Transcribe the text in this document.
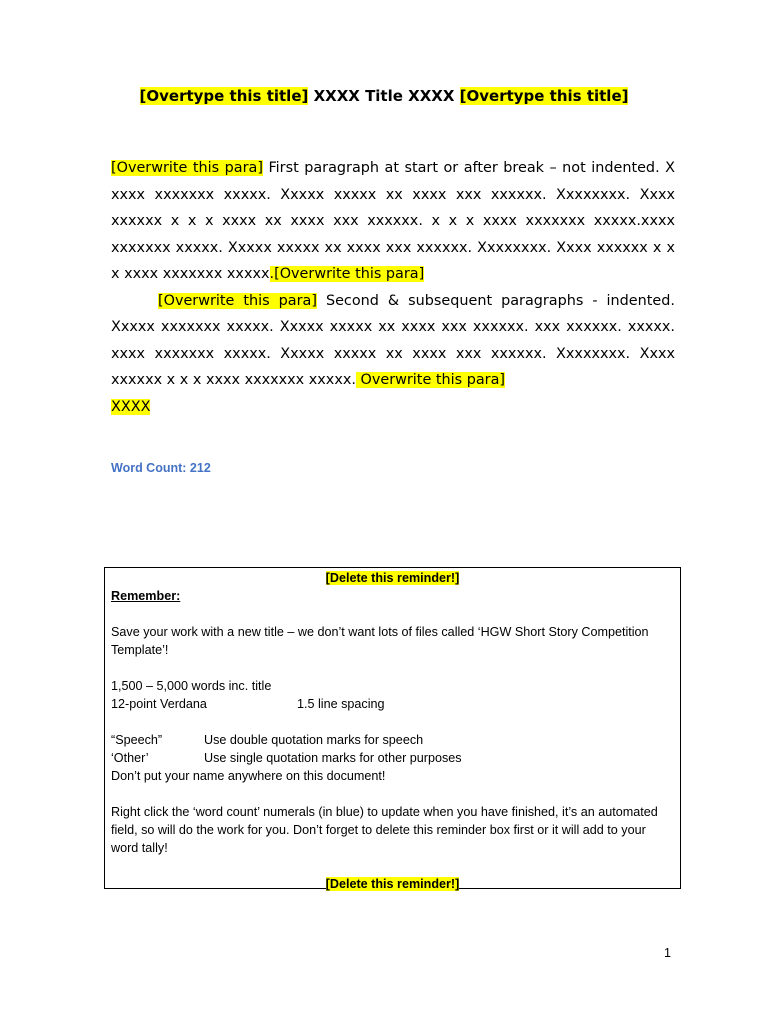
[Overtype this title] XXXX Title XXXX [Overtype this title]

[Overwrite this para] First paragraph at start or after break – not indented. X xxxx xxxxxxx xxxxx. Xxxxx xxxxx xx xxxx xxx xxxxxx. Xxxxxxxx. Xxxx xxxxxx x x x xxxx xx xxxx xxx xxxxxx. x x x xxxx xxxxxxx xxxxx.xxxx xxxxxxx xxxxx. Xxxxx xxxxx xx xxxx xxx xxxxxx. Xxxxxxxx. Xxxx xxxxxx x x x xxxx xxxxxxx xxxxx.[Overwrite this para]

[Overwrite this para] Second & subsequent paragraphs - indented. Xxxxx xxxxxxx xxxxx. Xxxxx xxxxx xx xxxx xxx xxxxxx. xxx xxxxxx. xxxxx. xxxx xxxxxxx xxxxx. Xxxxx xxxxx xx xxxx xxx xxxxxx. Xxxxxxxx. Xxxx xxxxxx x x x xxxx xxxxxxx xxxxx. Overwrite this para]

XXXX

Word Count: 212

[Delete this reminder!]

Remember:

Save your work with a new title – we don’t want lots of files called ‘HGW Short Story Competition Template’!

1,500 – 5,000 words inc. title

12-point Verdana	1.5 line spacing

“Speech”	Use double quotation marks for speech

‘Other’	Use single quotation marks for other purposes

Don’t put your name anywhere on this document!

Right click the ‘word count’ numerals (in blue) to update when you have finished, it’s an automated field, so will do the work for you. Don’t forget to delete this reminder box first or it will add to your word tally!

[Delete this reminder!]

1
